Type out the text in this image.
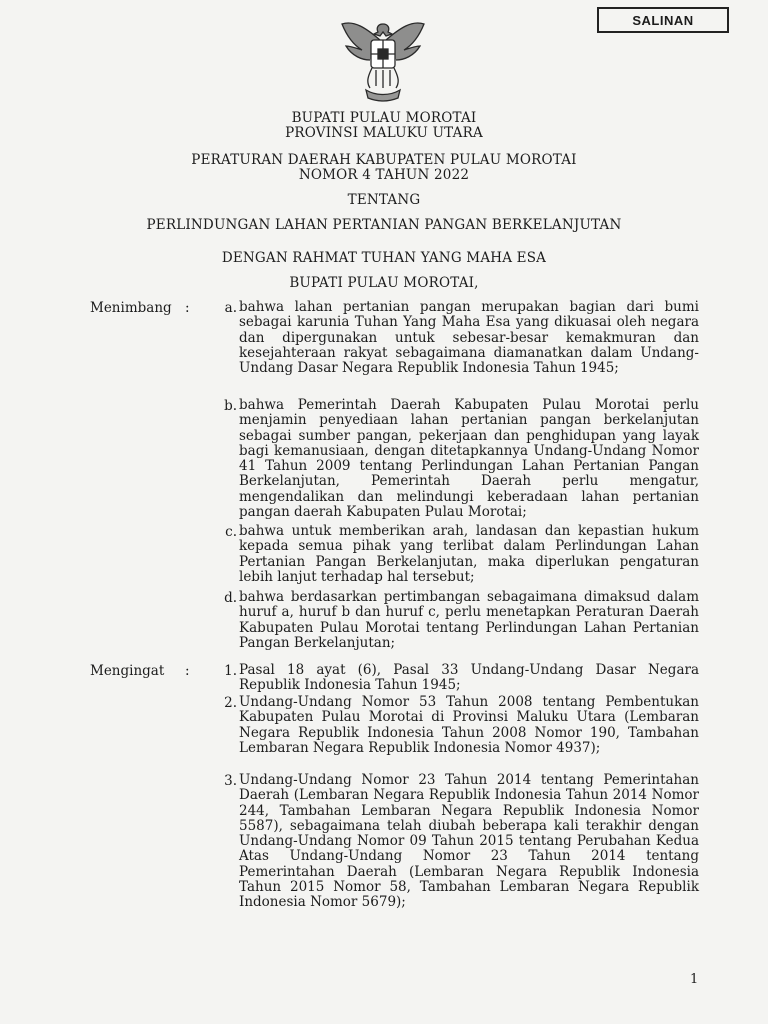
SALINAN
BUPATI PULAU MOROTAI
PROVINSI MALUKU UTARA
PERATURAN DAERAH KABUPATEN PULAU MOROTAI
NOMOR 4 TAHUN 2022
TENTANG
PERLINDUNGAN LAHAN PERTANIAN PANGAN BERKELANJUTAN
DENGAN RAHMAT TUHAN YANG MAHA ESA
BUPATI PULAU MOROTAI,
Menimbang :	a. bahwa lahan pertanian pangan merupakan bagian dari bumi sebagai karunia Tuhan Yang Maha Esa yang dikuasai oleh negara dan dipergunakan untuk sebesar-besar kemakmuran dan kesejahteraan rakyat sebagaimana diamanatkan dalam Undang-Undang Dasar Negara Republik Indonesia Tahun 1945;
b. bahwa Pemerintah Daerah Kabupaten Pulau Morotai perlu menjamin penyediaan lahan pertanian pangan berkelanjutan sebagai sumber pangan, pekerjaan dan penghidupan yang layak bagi kemanusiaan, dengan ditetapkannya Undang-Undang Nomor 41 Tahun 2009 tentang Perlindungan Lahan Pertanian Pangan Berkelanjutan, Pemerintah Daerah perlu mengatur, mengendalikan dan melindungi keberadaan lahan pertanian pangan daerah Kabupaten Pulau Morotai;
c. bahwa untuk memberikan arah, landasan dan kepastian hukum kepada semua pihak yang terlibat dalam Perlindungan Lahan Pertanian Pangan Berkelanjutan, maka diperlukan pengaturan lebih lanjut terhadap hal tersebut;
d. bahwa berdasarkan pertimbangan sebagaimana dimaksud dalam huruf a, huruf b dan huruf c, perlu menetapkan Peraturan Daerah Kabupaten Pulau Morotai tentang Perlindungan Lahan Pertanian Pangan Berkelanjutan;
Mengingat :	1. Pasal 18 ayat (6), Pasal 33 Undang-Undang Dasar Negara Republik Indonesia Tahun 1945;
2. Undang-Undang Nomor 53 Tahun 2008 tentang Pembentukan Kabupaten Pulau Morotai di Provinsi Maluku Utara (Lembaran Negara Republik Indonesia Tahun 2008 Nomor 190, Tambahan Lembaran Negara Republik Indonesia Nomor 4937);
3. Undang-Undang Nomor 23 Tahun 2014 tentang Pemerintahan Daerah (Lembaran Negara Republik Indonesia Tahun 2014 Nomor 244, Tambahan Lembaran Negara Republik Indonesia Nomor 5587), sebagaimana telah diubah beberapa kali terakhir dengan Undang-Undang Nomor 09 Tahun 2015 tentang Perubahan Kedua Atas Undang-Undang Nomor 23 Tahun 2014 tentang Pemerintahan Daerah (Lembaran Negara Republik Indonesia Tahun 2015 Nomor 58, Tambahan Lembaran Negara Republik Indonesia Nomor 5679);
1
